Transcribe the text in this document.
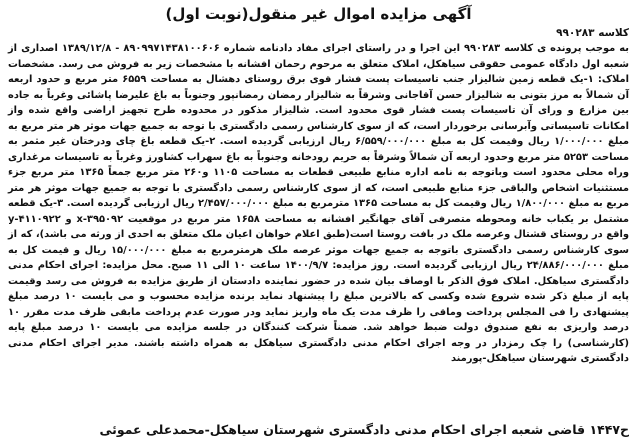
آگهی مزایده اموال غیر منقول(نوبت اول)
کلاسه ۹۹۰۲۸۳
به موجب پرونده ی کلاسه ۹۹۰۲۸۳ این اجرا و در راستای اجرای مفاد دادنامه شماره ۸۹۰۹۹۷۱۴۳۸۱۰۰۶۰۶ - ۱۳۸۹/۱۲/۸ اصداری از شعبه اول دادگاه عمومی حقوقی سیاهکل، املاک متعلق به مرحوم رحمان افشانه با مشخصات زیر به فروش می رسد. مشخصات املاک: ۱-یک قطعه زمین شالیزار جنب تاسیسات پست فشار قوی برق روستای دهشال به مساحت ۶۵۵۹ متر مربع و حدود اربعه آن شمالاً به مرز بتونی به شالیزار حسن آقاجانی وشرقاً به شالیزار رمضان رمضانپور وجنوباً به باغ علیرضا پاشائی وغرباً به جاده بین مزارع و ورای آن تاسیسات پست فشار قوی محدود است. شالیزار مذکور در محدوده طرح تجهیز اراضی واقع شده واز امکانات تاسیساتی وآبرسانی برخوردار است، که از سوی کارشناس رسمی دادگستری با توجه به جمیع جهات موثر هر متر مربع به مبلغ ۱/۰۰۰/۰۰۰ ریال وقیمت کل به مبلغ ۶/۵۵۹/۰۰۰/۰۰۰ ریال ارزیابی گردیده است. ۲-یک قطعه باغ چای ودرختان غیر مثمر به مساحت ۵۲۵۳ متر مربع وحدود اربعه آن شمالاً وشرقاً به حریم رودخانه وجنوباً به باغ سهراب کشاورز وغرباً به تاسیسات مرغداری وراه محلی محدود است وباتوجه به نامه اداره منابع طبیعی قطعات به مساحت ۱۱۰۵ و۲۶۰ متر مربع جمعاً ۱۳۶۵ متر مربع جزء مستثنیات اشخاص والباقی جزء منابع طبیعی است، که از سوی کارشناس رسمی دادگستری با توجه به جمیع جهات موثر هر متر مربع به مبلغ ۱/۸۰۰/۰۰۰ ریال وقیمت کل به مساحت ۱۳۶۵ مترمربع به مبلغ ۲/۴۵۷/۰۰۰/۰۰۰ ریال ارزیابی گردیده است. ۳-یک قطعه مشتمل بر یکباب خانه ومحوطه متصرفی آقای جهانگیر افشانه به مساحت ۱۶۵۸ متر مربع در موقعیت x-۳۹۵۰۹۲ و y-۴۱۱۰۹۲۲ واقع در روستای قشتال وعرصه ملک در بافت روستا است(طبق اعلام خواهان اعیان ملک متعلق به احدی از ورثه می باشد)، که از سوی کارشناس رسمی دادگستری باتوجه به جمیع جهات موثر عرصه ملک هرمترمربع به مبلغ ۱۵/۰۰۰/۰۰۰ ریال و قیمت کل به مبلغ ۲۴/۸۸۶/۰۰۰/۰۰۰ ریال ارزیابی گردیده است. روز مزایده: ۱۴۰۰/۹/۷ ساعت ۱۰ الی ۱۱ صبح. محل مزایده: اجرای احکام مدنی دادگستری سیاهکل. املاک فوق الذکر با اوصاف بیان شده در حضور نماینده دادستان از طریق مزایده به فروش می رسد وقیمت پایه از مبلغ ذکر شده شروع شده وکسی که بالاترین مبلغ را پیشنهاد نماید برنده مزایده محسوب و می بایست ۱۰ درصد مبلغ پیشنهادی را فی المجلس پرداخت وماقی را ظرف مدت یک ماه واریز نماید ودر صورت عدم پرداخت مابقی ظرف مدت مقرر ۱۰ درصد واریزی به نفع صندوق دولت ضبط خواهد شد. ضمناً شرکت کنندگان در جلسه مزایده می بایست ۱۰ درصد مبلغ پایه (کارشناسی) را چک رمزدار در وجه اجرای احکام مدنی دادگستری سیاهکل به همراه داشته باشند. مدیر اجرای احکام مدنی دادگستری شهرستان سیاهکل-پورمند
ح۱۴۴۷ قاضی شعبه اجرای احکام مدنی دادگستری شهرستان سیاهکل-محمدعلی عموئی
